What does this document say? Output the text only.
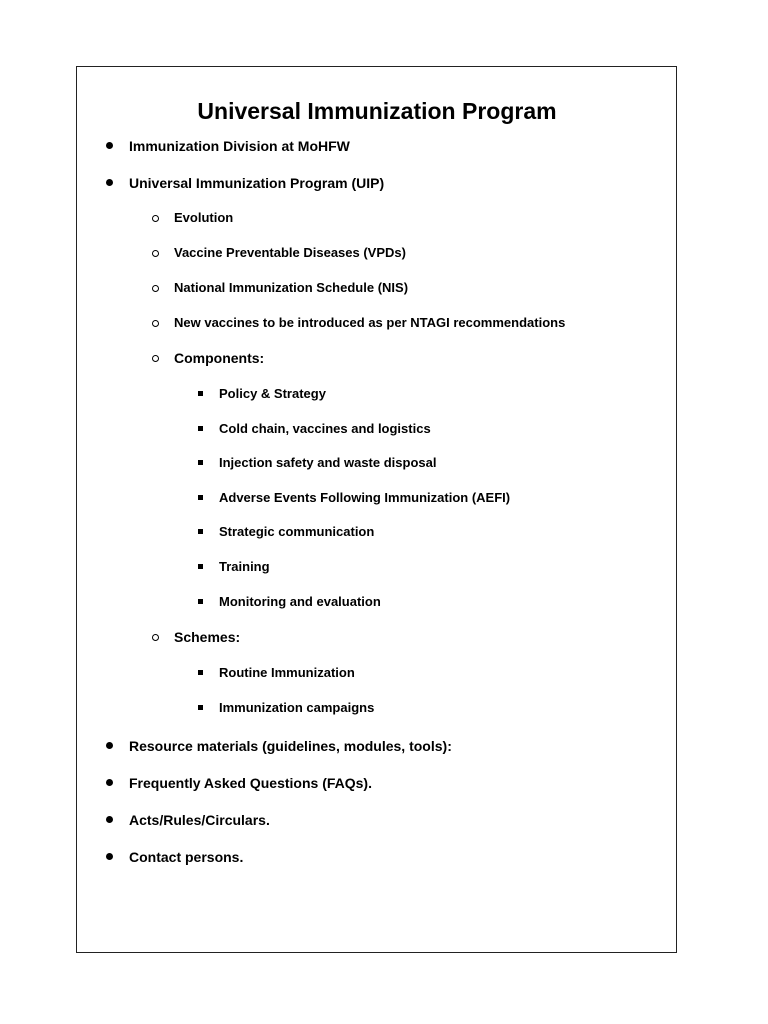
Universal Immunization Program
Immunization Division at MoHFW
Universal Immunization Program (UIP)
Evolution
Vaccine Preventable Diseases (VPDs)
National Immunization Schedule (NIS)
New vaccines to be introduced as per NTAGI recommendations
Components:
Policy & Strategy
Cold chain, vaccines and logistics
Injection safety and waste disposal
Adverse Events Following Immunization (AEFI)
Strategic communication
Training
Monitoring and evaluation
Schemes:
Routine Immunization
Immunization campaigns
Resource materials (guidelines, modules, tools):
Frequently Asked Questions (FAQs).
Acts/Rules/Circulars.
Contact persons.
